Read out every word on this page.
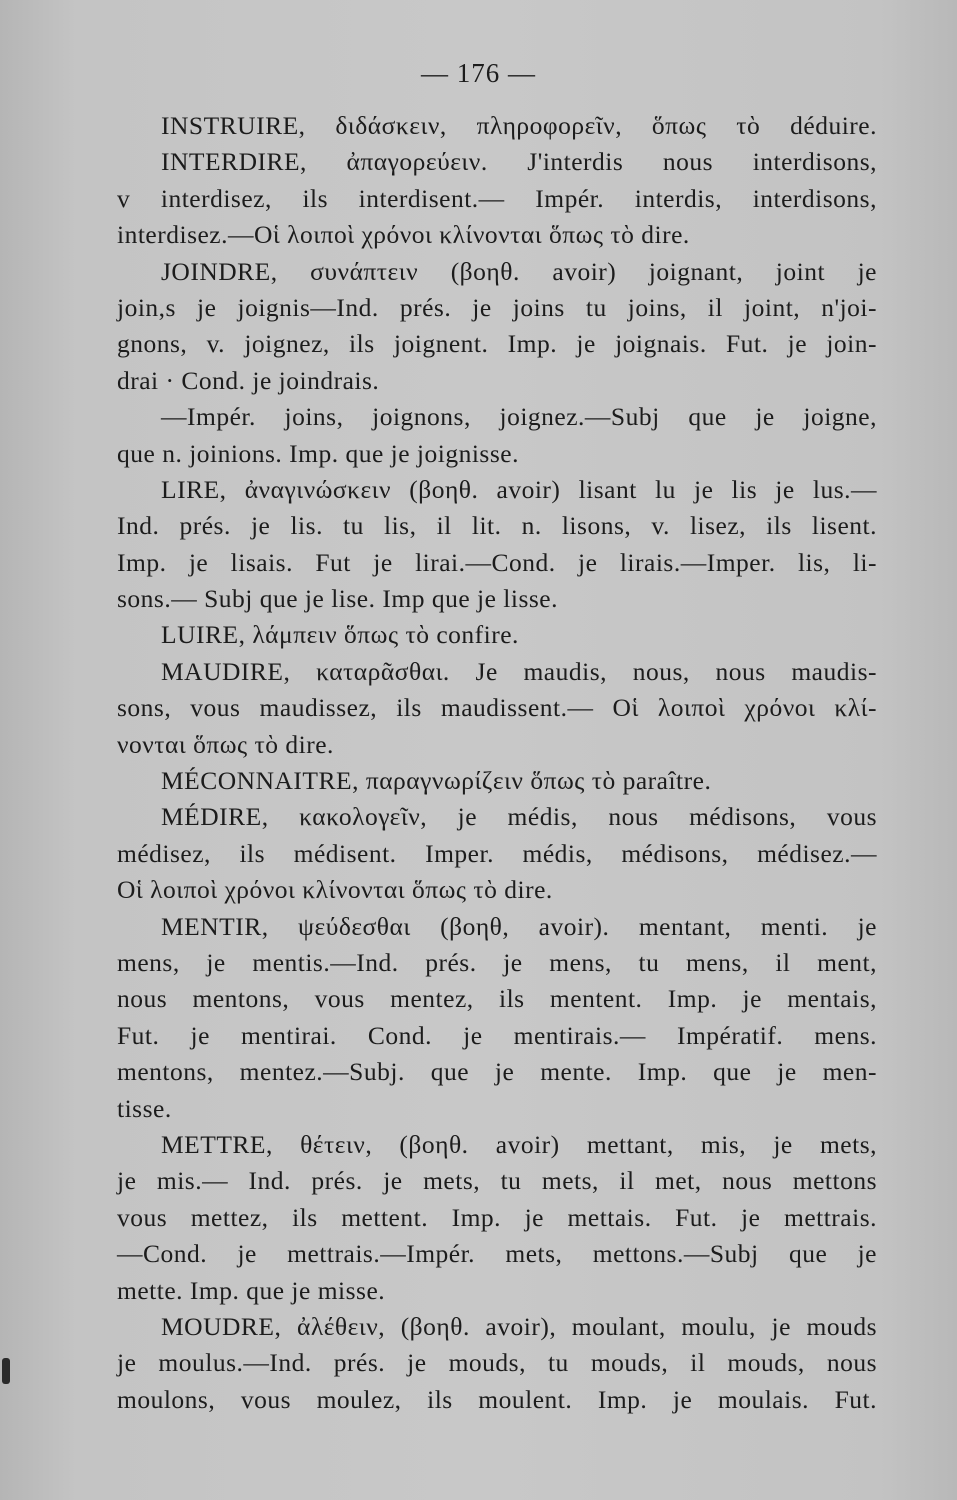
— 176 —
INSTRUIRE, διδάσκειν, πληροφορεῖν, ὅπως τὸ déduire.
INTERDIRE, ἀπαγορεύειν. J'interdis nous interdisons,
v interdisez, ils interdisent.— Impér. interdis, interdisons,
interdisez.—Οἱ λοιποὶ χρόνοι κλίνονται ὅπως τὸ dire.
JOINDRE, συνάπτειν (βοηθ. avoir) joignant, joint je
join,s je joignis—Ind. prés. je joins tu joins, il joint, n'joi-
gnons, v. joignez, ils joignent. Imp. je joignais. Fut. je join-
drai · Cond. je joindrais.
—Impér. joins, joignons, joignez.—Subj que je joigne,
que n. joinions. Imp. que je joignisse.
LIRE, ἀναγινώσκειν (βοηθ. avoir) lisant lu je lis je lus.—
Ind. prés. je lis. tu lis, il lit. n. lisons, v. lisez, ils lisent.
Imp. je lisais. Fut je lirai.—Cond. je lirais.—Imper. lis, li-
sons.— Subj que je lise. Imp que je lisse.
LUIRE, λάμπειν ὅπως τὸ confire.
MAUDIRE, καταρᾶσθαι. Je maudis, nous, nous maudis-
sons, vous maudissez, ils maudissent.— Οἱ λοιποὶ χρόνοι κλί-
νονται ὅπως τὸ dire.
MÉCONNAITRE, παραγνωρίζειν ὅπως τὸ paraître.
MÉDIRE, κακολογεῖν, je médis, nous médisons, vous
médisez, ils médisent. Imper. médis, médisons, médisez.—
Οἱ λοιποὶ χρόνοι κλίνονται ὅπως τὸ dire.
MENTIR, ψεύδεσθαι (βοηθ, avoir). mentant, menti. je
mens, je mentis.—Ind. prés. je mens, tu mens, il ment,
nous mentons, vous mentez, ils mentent. Imp. je mentais,
Fut. je mentirai. Cond. je mentirais.— Impératif. mens.
mentons, mentez.—Subj. que je mente. Imp. que je men-
tisse.
METTRE, θέτειν, (βοηθ. avoir) mettant, mis, je mets,
je mis.— Ind. prés. je mets, tu mets, il met, nous mettons
vous mettez, ils mettent. Imp. je mettais. Fut. je mettrais.
—Cond. je mettrais.—Impér. mets, mettons.—Subj que je
mette. Imp. que je misse.
MOUDRE, ἀλέθειν, (βοηθ. avoir), moulant, moulu, je mouds
je moulus.—Ind. prés. je mouds, tu mouds, il mouds, nous
moulons, vous moulez, ils moulent. Imp. je moulais. Fut.
